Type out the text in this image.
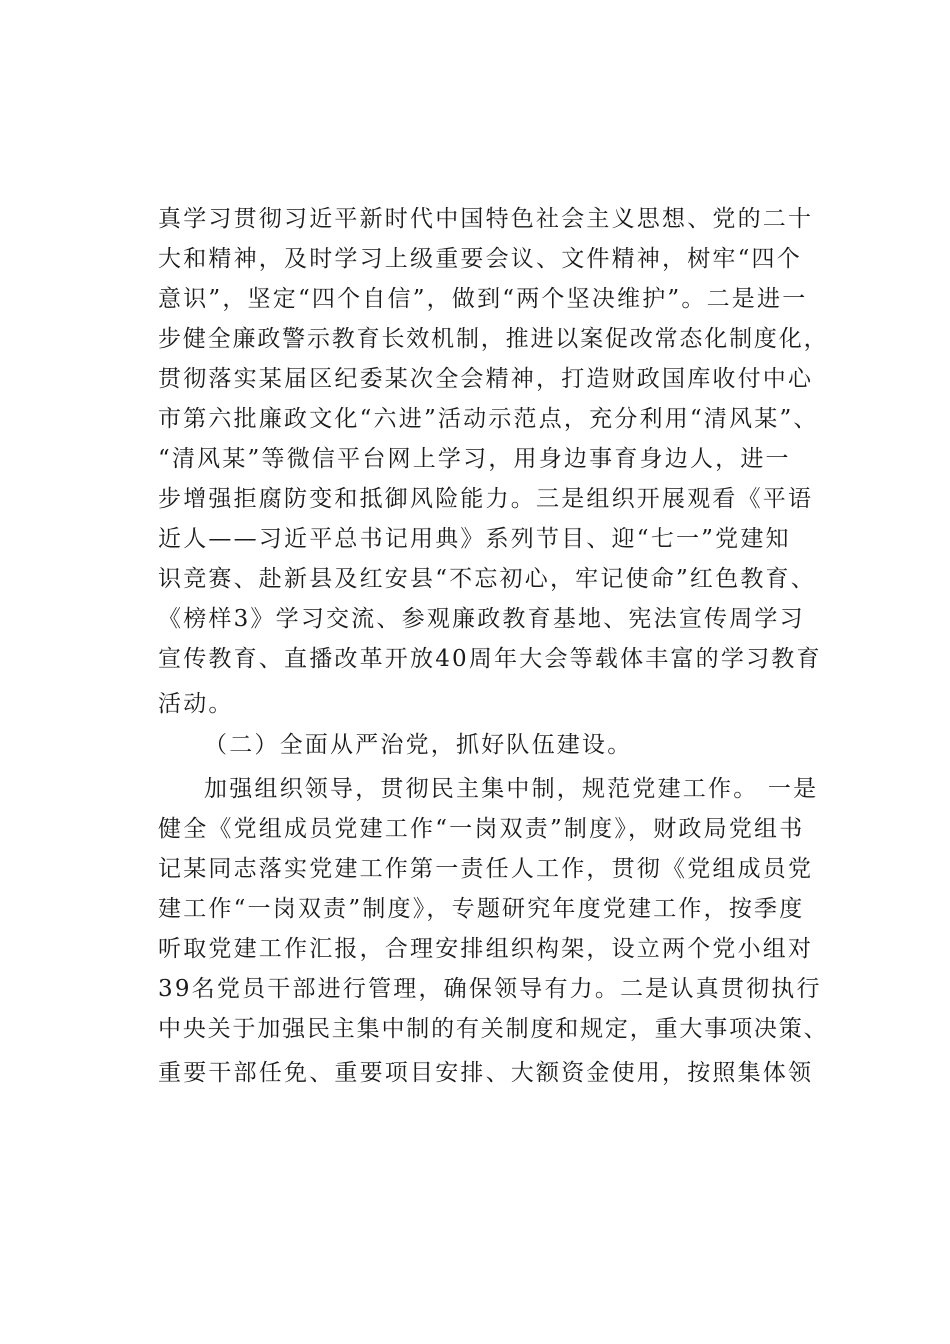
真学习贯彻习近平新时代中国特色社会主义思想、党的二十
大和精神，及时学习上级重要会议、文件精神，树牢“四个
意识”，坚定“四个自信”，做到“两个坚决维护”。二是进一
步健全廉政警示教育长效机制，推进以案促改常态化制度化，
贯彻落实某届区纪委某次全会精神，打造财政国库收付中心
市第六批廉政文化“六进”活动示范点，充分利用“清风某”、
“清风某”等微信平台网上学习，用身边事育身边人，进一
步增强拒腐防变和抵御风险能力。三是组织开展观看《平语
近人——习近平总书记用典》系列节目、迎“七一”党建知
识竞赛、赴新县及红安县“不忘初心，牢记使命”红色教育、
《榜样3》学习交流、参观廉政教育基地、宪法宣传周学习
宣传教育、直播改革开放40周年大会等载体丰富的学习教育
活动。
（二）全面从严治党，抓好队伍建设。
加强组织领导，贯彻民主集中制，规范党建工作。 一是
健全《党组成员党建工作“一岗双责”制度》，财政局党组书
记某同志落实党建工作第一责任人工作，贯彻《党组成员党
建工作“一岗双责”制度》，专题研究年度党建工作，按季度
听取党建工作汇报，合理安排组织构架，设立两个党小组对
39名党员干部进行管理，确保领导有力。二是认真贯彻执行
中央关于加强民主集中制的有关制度和规定，重大事项决策、
重要干部任免、重要项目安排、大额资金使用，按照集体领
